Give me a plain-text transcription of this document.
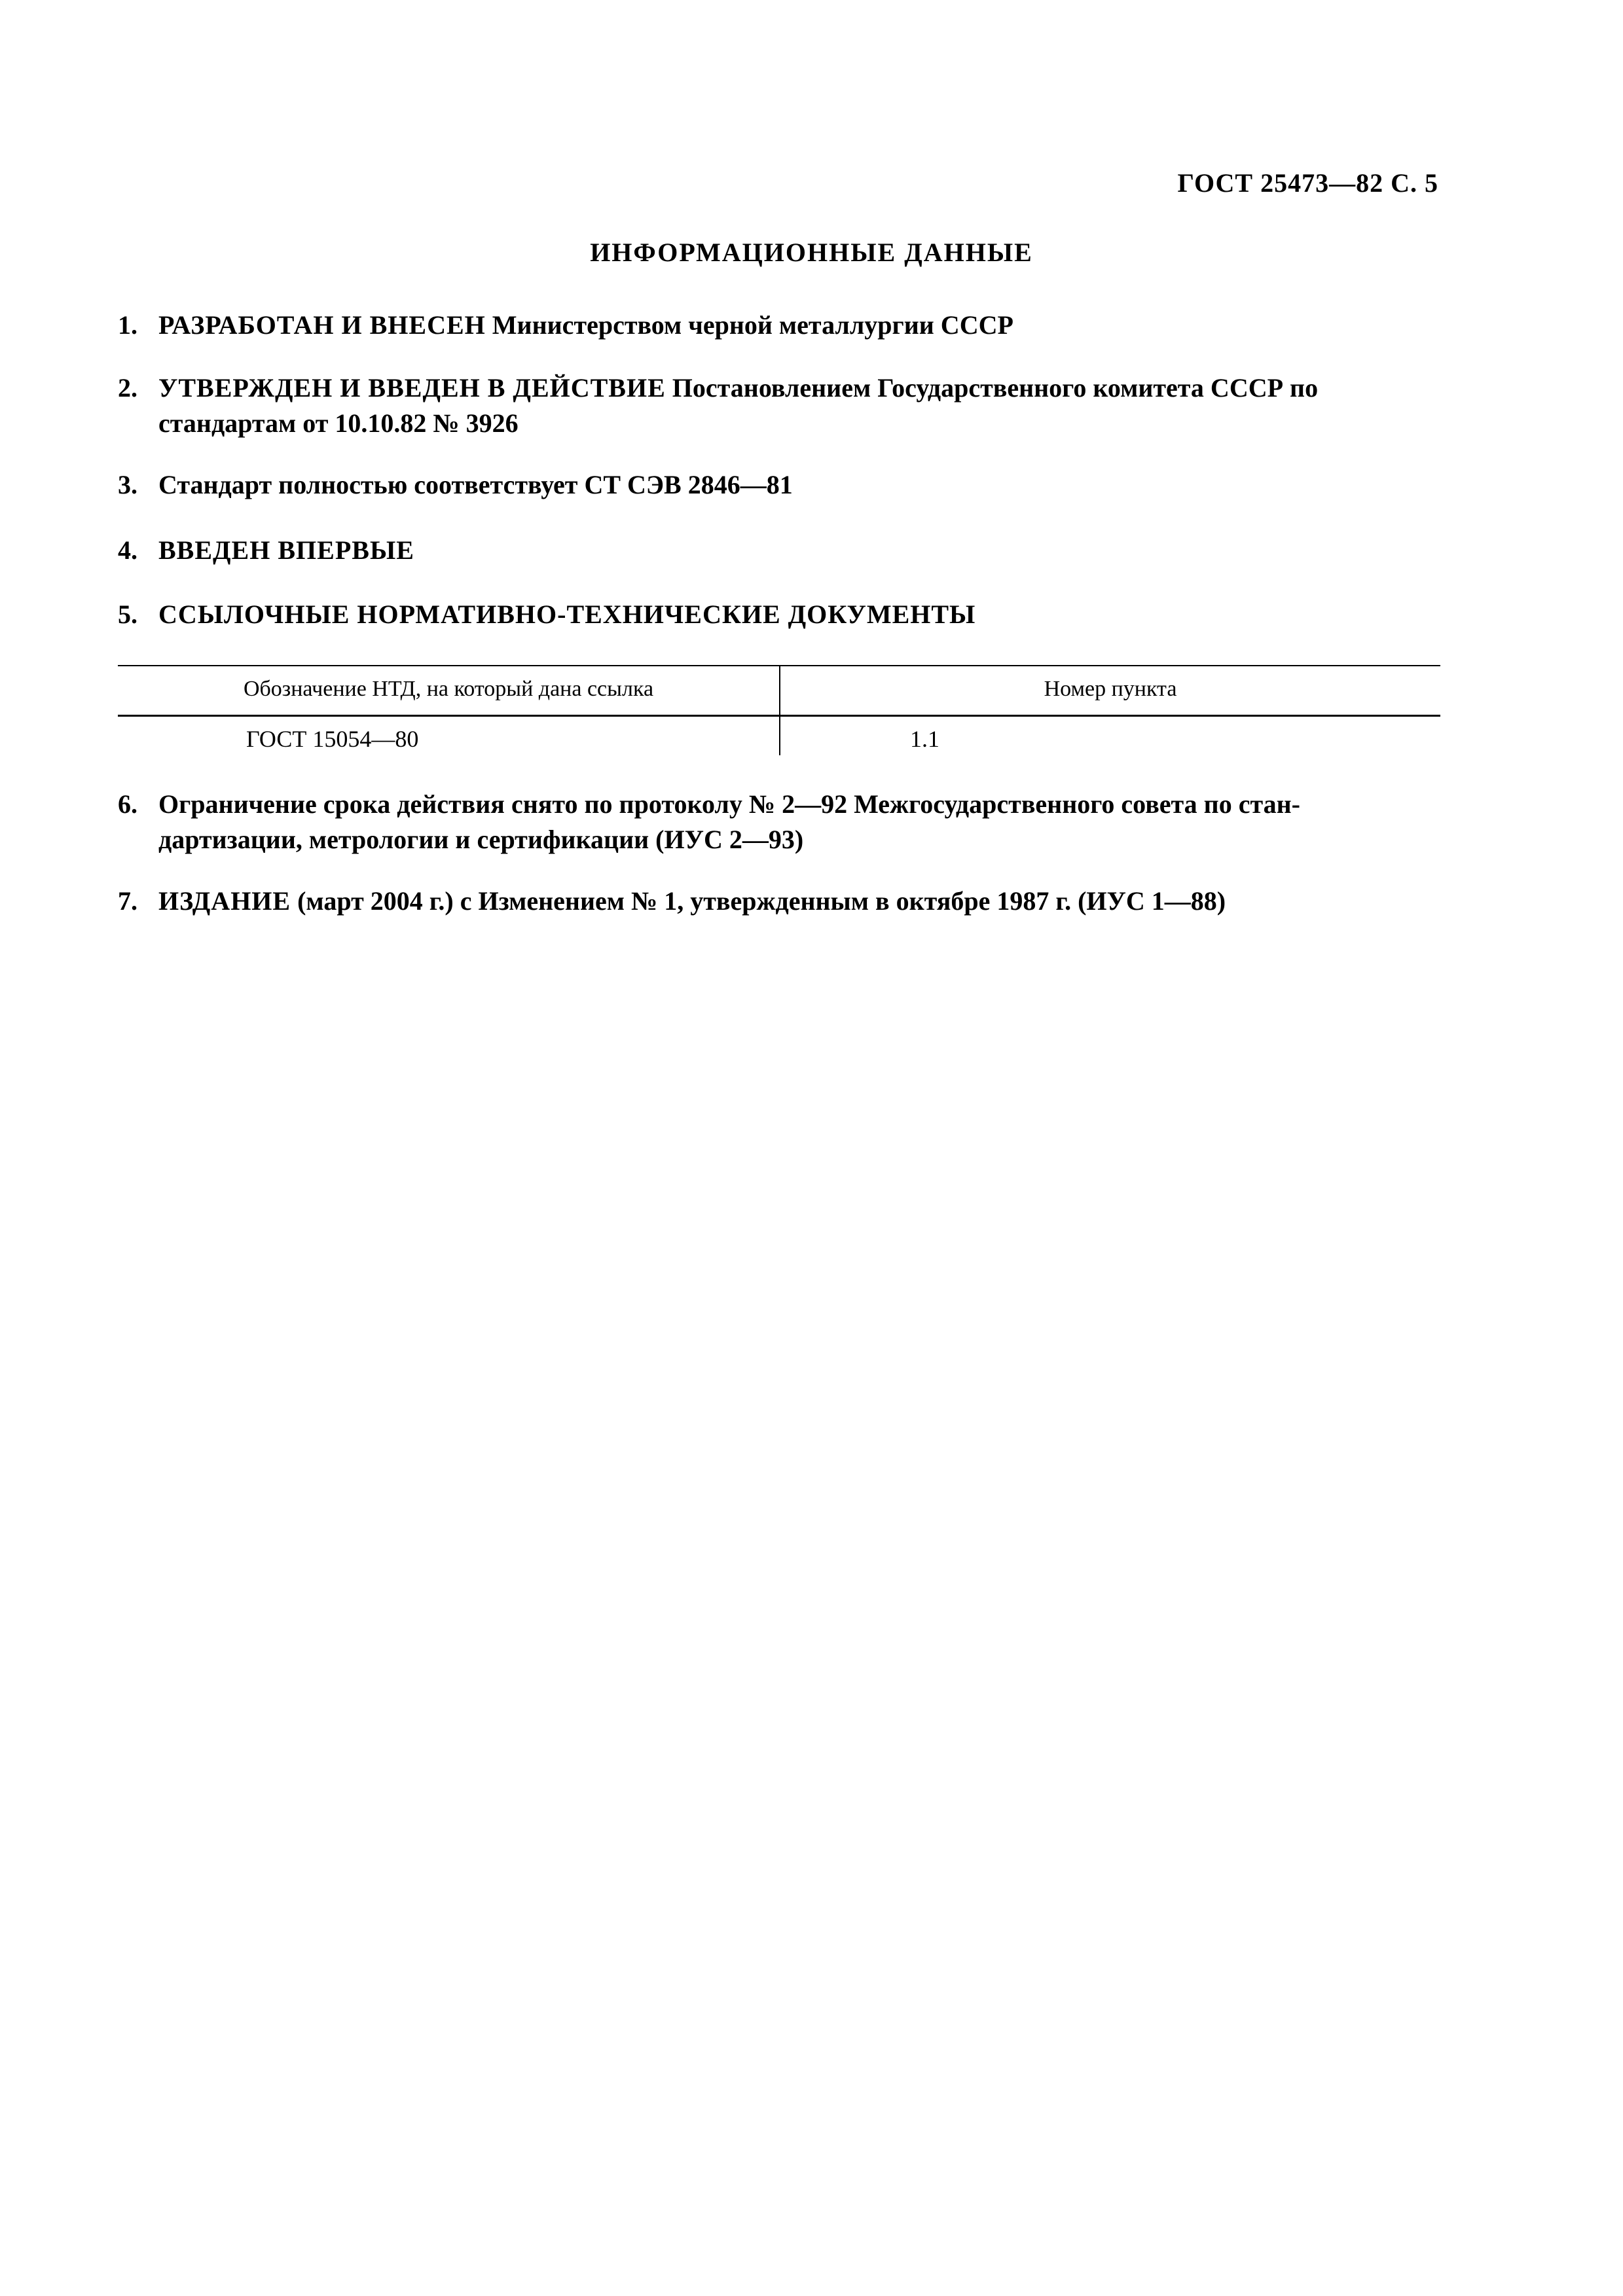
ГОСТ 25473—82 С. 5
ИНФОРМАЦИОННЫЕ ДАННЫЕ
1. РАЗРАБОТАН И ВНЕСЕН Министерством черной металлургии СССР
2. УТВЕРЖДЕН И ВВЕДЕН В ДЕЙСТВИЕ Постановлением Государственного комитета СССР по
стандартам от 10.10.82 № 3926
3. Стандарт полностью соответствует СТ СЭВ 2846—81
4. ВВЕДЕН ВПЕРВЫЕ
5. ССЫЛОЧНЫЕ НОРМАТИВНО-ТЕХНИЧЕСКИЕ ДОКУМЕНТЫ
Обозначение НТД, на который дана ссылка	Номер пункта
ГОСТ 15054—80	1.1
6. Ограничение срока действия снято по протоколу № 2—92 Межгосударственного совета по стан-
дартизации, метрологии и сертификации (ИУС 2—93)
7. ИЗДАНИЕ (март 2004 г.) с Изменением № 1, утвержденным в октябре 1987 г. (ИУС 1—88)
